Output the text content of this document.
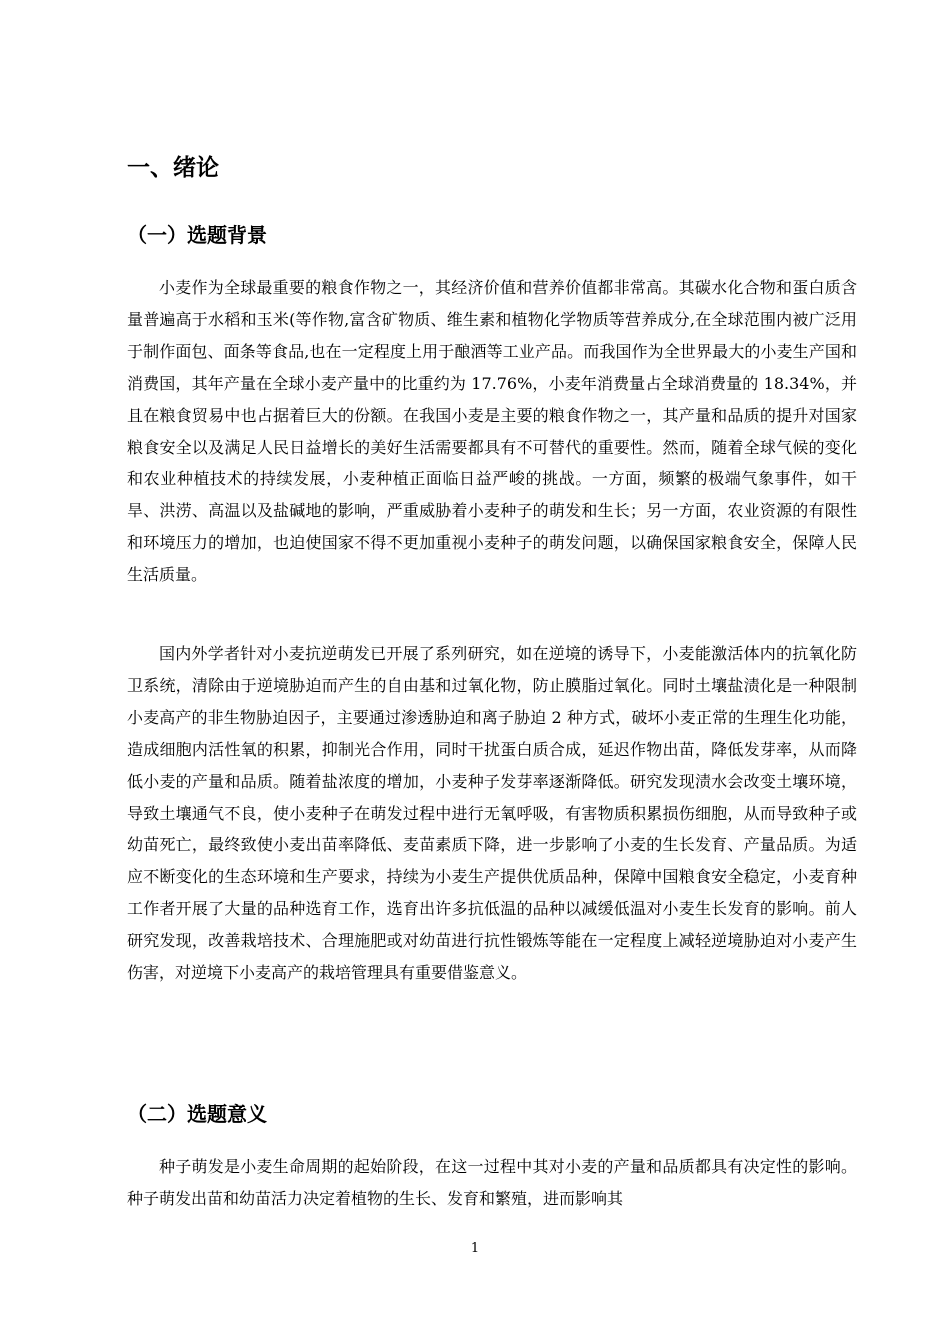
一、绪论
（一）选题背景

小麦作为全球最重要的粮食作物之一，其经济价值和营养价值都非常高。其碳水化合物和蛋白质含量普遍高于水稻和玉米(等作物,富含矿物质、维生素和植物化学物质等营养成分,在全球范围内被广泛用于制作面包、面条等食品,也在一定程度上用于酿酒等工业产品。而我国作为全世界最大的小麦生产国和消费国，其年产量在全球小麦产量中的比重约为 17.76%，小麦年消费量占全球消费量的 18.34%，并且在粮食贸易中也占据着巨大的份额。在我国小麦是主要的粮食作物之一，其产量和品质的提升对国家粮食安全以及满足人民日益增长的美好生活需要都具有不可替代的重要性。然而，随着全球气候的变化和农业种植技术的持续发展，小麦种植正面临日益严峻的挑战。一方面，频繁的极端气象事件，如干旱、洪涝、高温以及盐碱地的影响，严重威胁着小麦种子的萌发和生长；另一方面，农业资源的有限性和环境压力的增加，也迫使国家不得不更加重视小麦种子的萌发问题，以确保国家粮食安全，保障人民生活质量。

国内外学者针对小麦抗逆萌发已开展了系列研究，如在逆境的诱导下，小麦能激活体内的抗氧化防卫系统，清除由于逆境胁迫而产生的自由基和过氧化物，防止膜脂过氧化。同时土壤盐渍化是一种限制小麦高产的非生物胁迫因子，主要通过渗透胁迫和离子胁迫 2 种方式，破坏小麦正常的生理生化功能，造成细胞内活性氧的积累，抑制光合作用，同时干扰蛋白质合成，延迟作物出苗，降低发芽率，从而降低小麦的产量和品质。随着盐浓度的增加，小麦种子发芽率逐渐降低。研究发现渍水会改变土壤环境，导致土壤通气不良，使小麦种子在萌发过程中进行无氧呼吸，有害物质积累损伤细胞，从而导致种子或幼苗死亡，最终致使小麦出苗率降低、麦苗素质下降，进一步影响了小麦的生长发育、产量品质。为适应不断变化的生态环境和生产要求，持续为小麦生产提供优质品种，保障中国粮食安全稳定，小麦育种工作者开展了大量的品种选育工作，选育出许多抗低温的品种以减缓低温对小麦生长发育的影响。前人研究发现，改善栽培技术、合理施肥或对幼苗进行抗性锻炼等能在一定程度上减轻逆境胁迫对小麦产生伤害，对逆境下小麦高产的栽培管理具有重要借鉴意义。

（二）选题意义

种子萌发是小麦生命周期的起始阶段，在这一过程中其对小麦的产量和品质都具有决定性的影响。种子萌发出苗和幼苗活力决定着植物的生长、发育和繁殖，进而影响其

1
